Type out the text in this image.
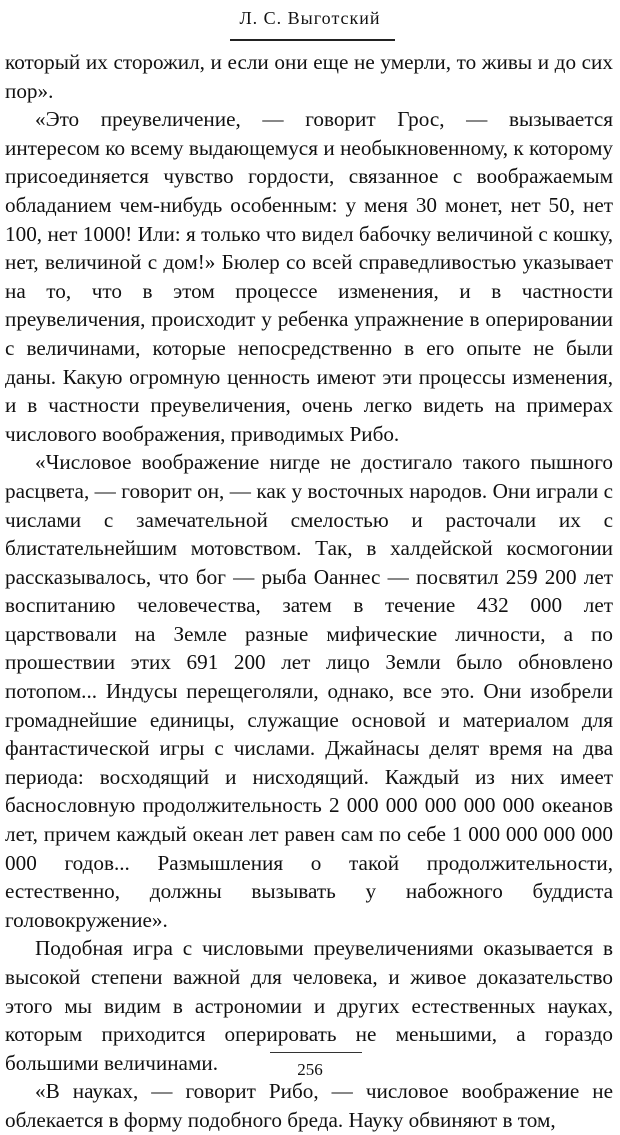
Л. С. Выготский

который их сторожил, и если они еще не умерли, то живы и до сих пор».

«Это преувеличение, — говорит Грос, — вызывается интересом ко всему выдающемуся и необыкновенному, к которому присоединяется чувство гордости, связанное с воображаемым обладанием чем-нибудь особенным: у меня 30 монет, нет 50, нет 100, нет 1000! Или: я только что видел бабочку величиной с кошку, нет, величиной с дом!» Бюлер со всей справедливостью указывает на то, что в этом процессе изменения, и в частности преувеличения, происходит у ребенка упражнение в оперировании с величинами, которые непосредственно в его опыте не были даны. Какую огромную ценность имеют эти процессы изменения, и в частности преувеличения, очень легко видеть на примерах числового воображения, приводимых Рибо.

«Числовое воображение нигде не достигало такого пышного расцвета, — говорит он, — как у восточных народов. Они играли с числами с замечательной смелостью и расточали их с блистательнейшим мотовством. Так, в халдейской космогонии рассказывалось, что бог — рыба Оаннес — посвятил 259 200 лет воспитанию человечества, затем в течение 432 000 лет царствовали на Земле разные мифические личности, а по прошествии этих 691 200 лет лицо Земли было обновлено потопом... Индусы перещеголяли, однако, все это. Они изобрели громаднейшие единицы, служащие основой и материалом для фантастической игры с числами. Джайнасы делят время на два периода: восходящий и нисходящий. Каждый из них имеет баснословную продолжительность 2 000 000 000 000 000 океанов лет, причем каждый океан лет равен сам по себе 1 000 000 000 000 000 годов... Размышления о такой продолжительности, естественно, должны вызывать у набожного буддиста головокружение».

Подобная игра с числовыми преувеличениями оказывается в высокой степени важной для человека, и живое доказательство этого мы видим в астрономии и других естественных науках, которым приходится оперировать не меньшими, а гораздо большими величинами.

«В науках, — говорит Рибо, — числовое воображение не облекается в форму подобного бреда. Науку обвиняют в том,

256
